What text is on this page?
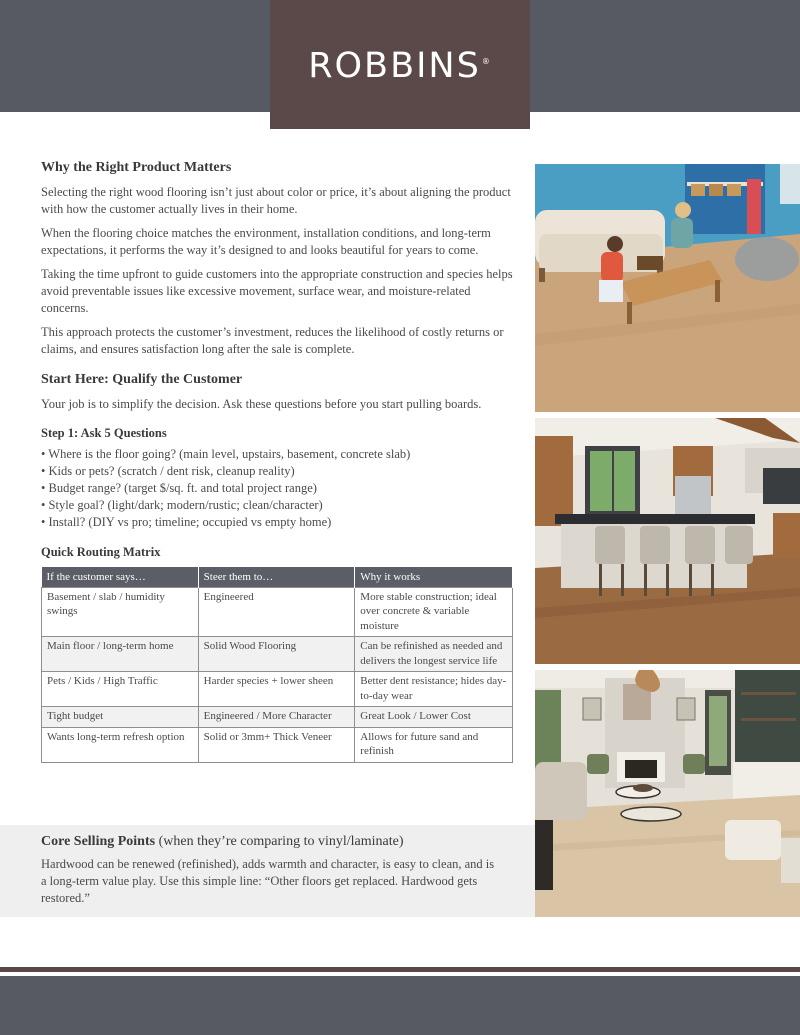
ROBBINS®
Why the Right Product Matters

Selecting the right wood flooring isn’t just about color or price, it’s about aligning the product with how the customer actually lives in their home.

When the flooring choice matches the environment, installation conditions, and long-term expectations, it performs the way it’s designed to and looks beautiful for years to come.

Taking the time upfront to guide customers into the appropriate construction and species helps avoid preventable issues like excessive movement, surface wear, and moisture-related concerns.

This approach protects the customer’s investment, reduces the likelihood of costly returns or claims, and ensures satisfaction long after the sale is complete.

Start Here: Qualify the Customer

Your job is to simplify the decision. Ask these questions before you start pulling boards.

Step 1: Ask 5 Questions
• Where is the floor going? (main level, upstairs, basement, concrete slab)
• Kids or pets? (scratch / dent risk, cleanup reality)
• Budget range? (target $/sq. ft. and total project range)
• Style goal? (light/dark; modern/rustic; clean/character)
• Install? (DIY vs pro; timeline; occupied vs empty home)
Quick Routing Matrix
If the customer says…	Steer them to…	Why it works
Basement / slab / humidity swings	Engineered	More stable construction; ideal over concrete & variable moisture
Main floor / long-term home	Solid Wood Flooring	Can be refinished as needed and delivers the longest service life
Pets / Kids / High Traffic	Harder species + lower sheen	Better dent resistance; hides day-to-day wear
Tight budget	Engineered / More Character	Great Look / Lower Cost
Wants long-term refresh option	Solid or 3mm+ Thick Veneer	Allows for future sand and refinish
Core Selling Points (when they’re comparing to vinyl/laminate)

Hardwood can be renewed (refinished), adds warmth and character, is easy to clean, and is a long-term value play. Use this simple line: “Other floors get replaced. Hardwood gets restored.”
